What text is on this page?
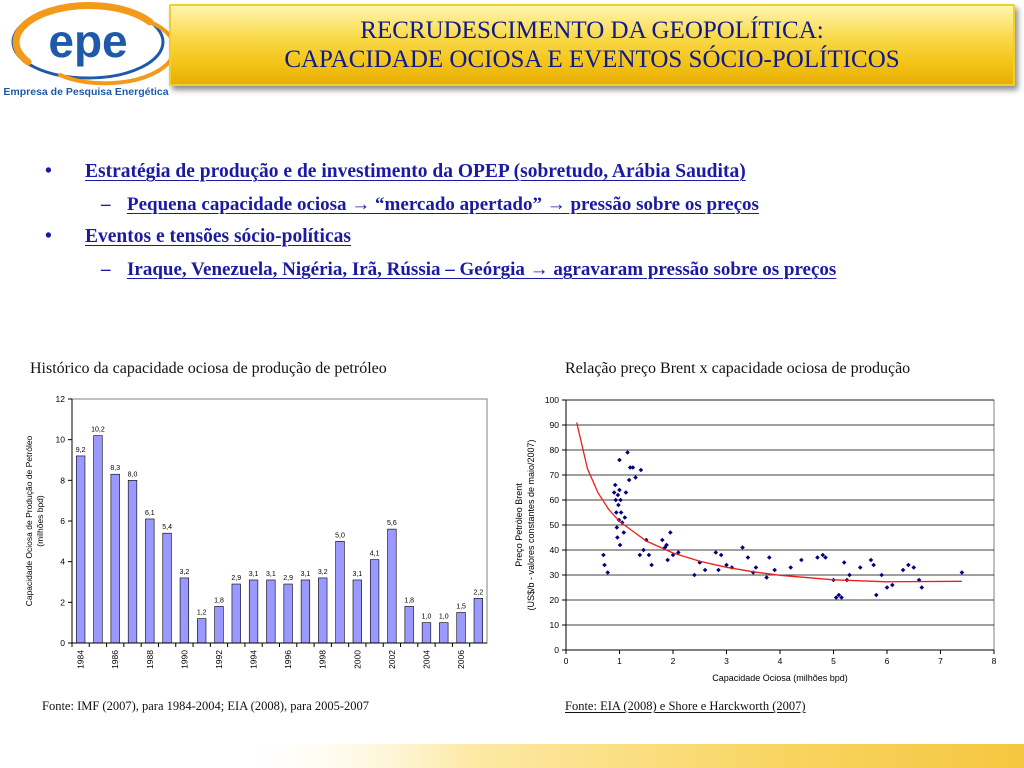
epe
Empresa de Pesquisa Energética
RECRUDESCIMENTO DA GEOPOLÍTICA:
CAPACIDADE OCIOSA E EVENTOS SÓCIO-POLÍTICOS
• Estratégia de produção e de investimento da OPEP (sobretudo, Arábia Saudita)
– Pequena capacidade ociosa → “mercado apertado” → pressão sobre os preços
• Eventos e tensões sócio-políticas
– Iraque, Venezuela, Nigéria, Irã, Rússia – Geórgia → agravaram pressão sobre os preços
Histórico da capacidade ociosa de produção de petróleo	Relação preço Brent x capacidade ociosa de produção
9,2
10,2
8,3
8,0
6,1
5,4
3,2
1,2
1,8
2,9
3,1 3,1
2,9
3,1 3,2
5,0
3,1
4,1
5,6
1,8
1,0 1,0
1,5
2,2
0
2
4
6
8
10
12
1984	1986	1988	1990	1992	1994	1996	1998	2000	2002	2004	2006
Capacidade Ociosa de Produção de Petróleo (milhões bpd)
0
10
20
30
40
50
60
70
80
90
100
0	1	2	3	4	5	6	7	8
Capacidade Ociosa (milhões bpd)
Preço Petróleo Brent (US$/b - valores constantes de maio/2007)
Fonte: IMF (2007), para 1984-2004; EIA (2008), para 2005-2007	Fonte: EIA (2008) e Shore e Harckworth (2007)
